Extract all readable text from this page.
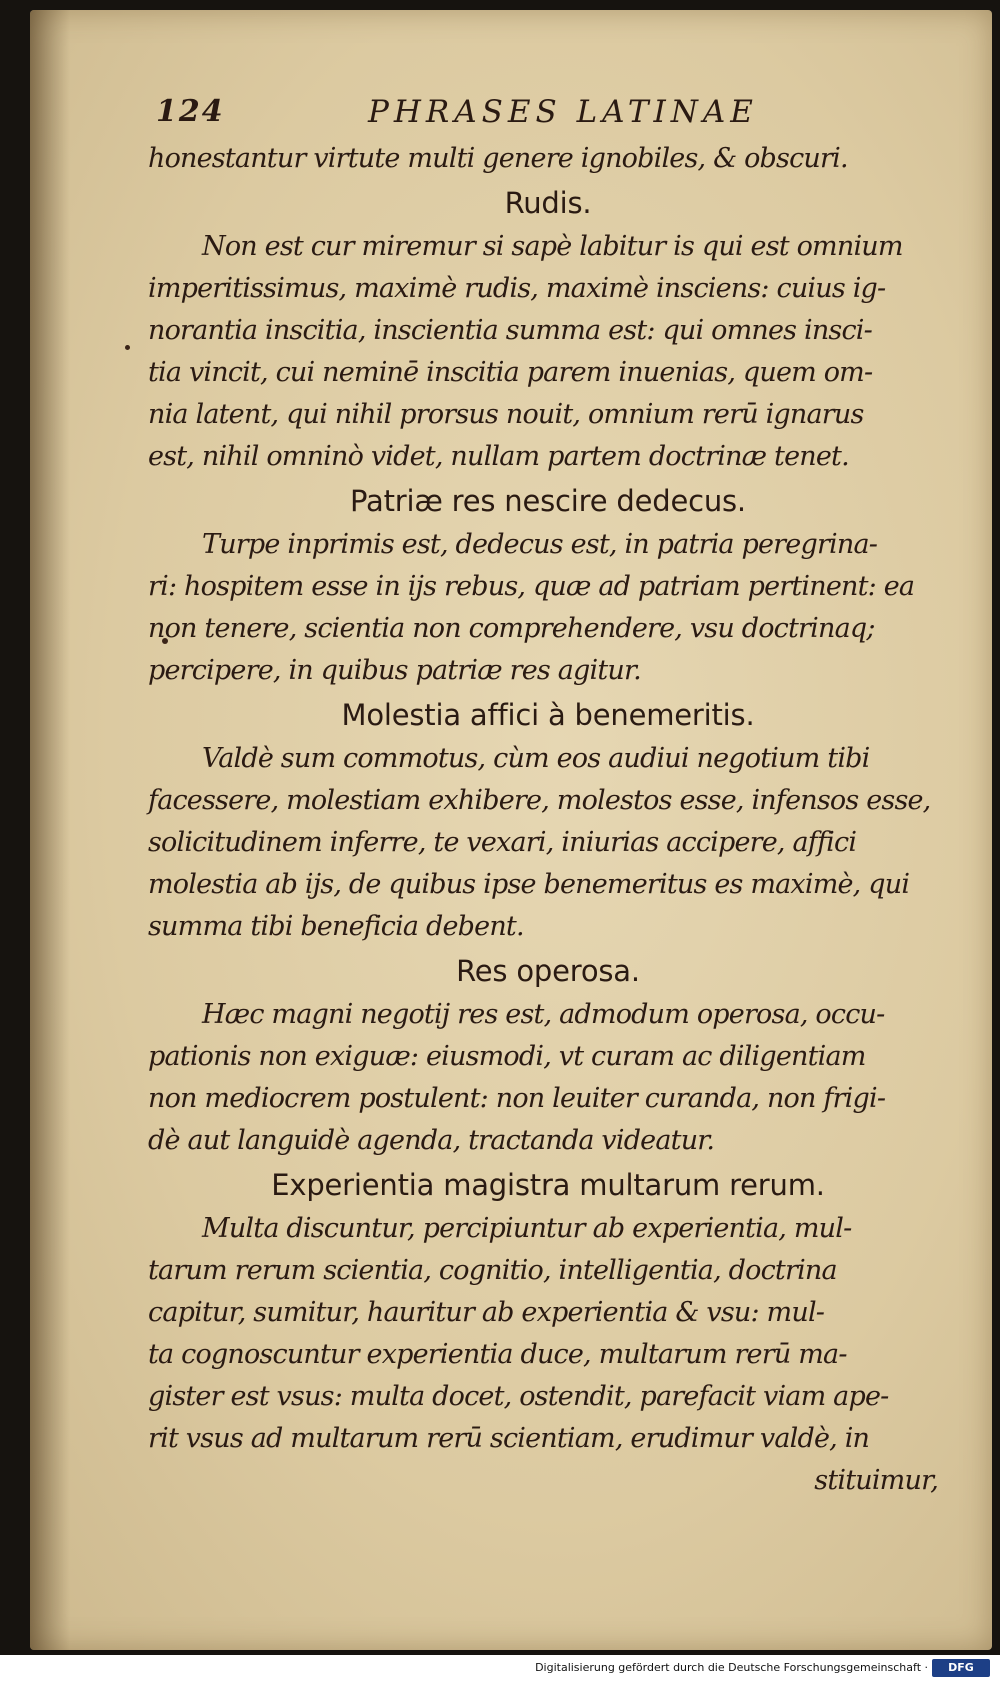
124	PHRASES LATINAE
honestantur virtute multi genere ignobiles, & obscuri.
Rudis.
Non est cur miremur si sapè labitur is qui est omnium
imperitissimus, maximè rudis, maximè insciens: cuius ig-
norantia inscitia, inscientia summa est: qui omnes insci-
tia vincit, cui neminē inscitia parem inuenias, quem om-
nia latent, qui nihil prorsus nouit, omnium rerū ignarus
est, nihil omninò videt, nullam partem doctrinæ tenet.
Patriæ res nescire dedecus.
Turpe inprimis est, dedecus est, in patria peregrina-
ri: hospitem esse in ijs rebus, quæ ad patriam pertinent: ea
non tenere, scientia non comprehendere, vsu doctrinaq;
percipere, in quibus patriæ res agitur.
Molestia affici à benemeritis.
Valdè sum commotus, cùm eos audiui negotium tibi
facessere, molestiam exhibere, molestos esse, infensos esse,
solicitudinem inferre, te vexari, iniurias accipere, affici
molestia ab ijs, de quibus ipse benemeritus es maximè, qui
summa tibi beneficia debent.
Res operosa.
Hæc magni negotij res est, admodum operosa, occu-
pationis non exiguæ: eiusmodi, vt curam ac diligentiam
non mediocrem postulent: non leuiter curanda, non frigi-
dè aut languidè agenda, tractanda videatur.
Experientia magistra multarum rerum.
Multa discuntur, percipiuntur ab experientia, mul-
tarum rerum scientia, cognitio, intelligentia, doctrina
capitur, sumitur, hauritur ab experientia & vsu: mul-
ta cognoscuntur experientia duce, multarum rerū ma-
gister est vsus: multa docet, ostendit, parefacit viam ape-
rit vsus ad multarum rerū scientiam, erudimur valdè, in
stituimur,
Digitalisierung gefördert durch die Deutsche Forschungsgemeinschaft ·	DFG
